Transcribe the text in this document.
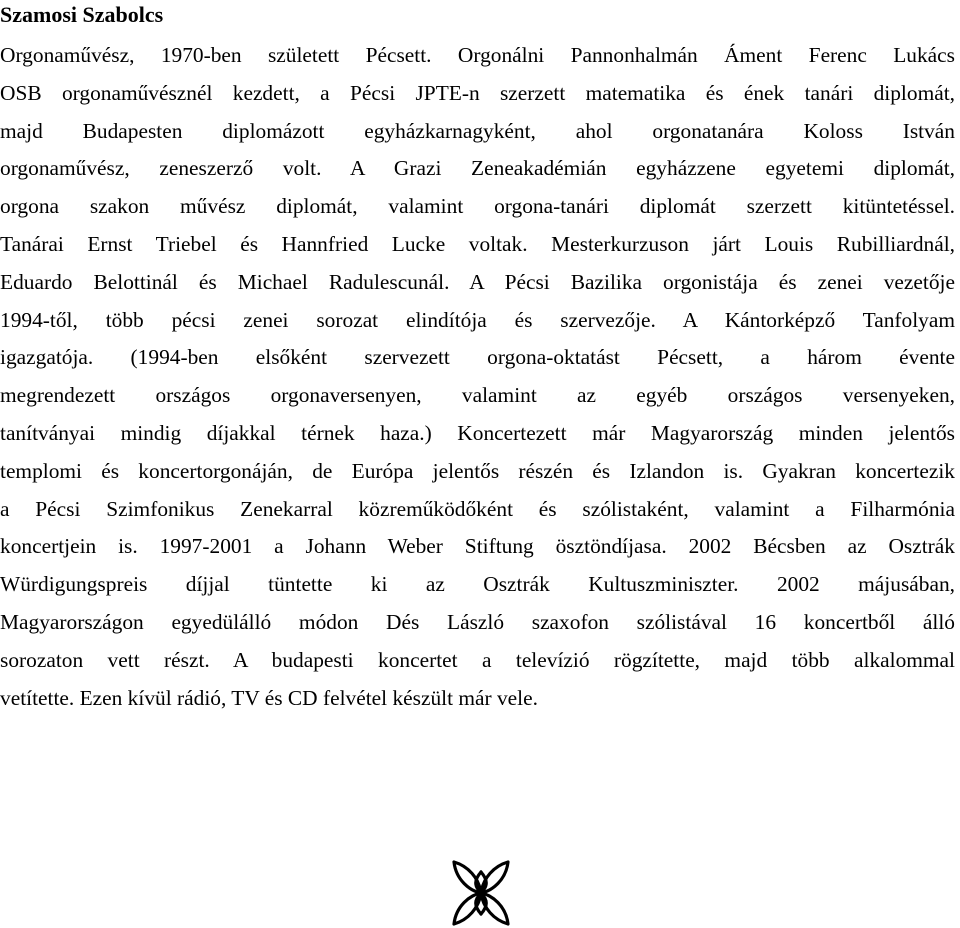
Szamosi Szabolcs
Orgonaművész, 1970-ben született Pécsett. Orgonálni Pannonhalmán Áment Ferenc Lukács
OSB orgonaművésznél kezdett, a Pécsi JPTE-n szerzett matematika és ének tanári diplomát,
majd Budapesten diplomázott egyházkarnagyként, ahol orgonatanára Koloss István
orgonaművész, zeneszerző volt. A Grazi Zeneakadémián egyházzene egyetemi diplomát,
orgona szakon művész diplomát, valamint orgona-tanári diplomát szerzett kitüntetéssel.
Tanárai Ernst Triebel és Hannfried Lucke voltak. Mesterkurzuson járt Louis Rubilliardnál,
Eduardo Belottinál és Michael Radulescunál. A Pécsi Bazilika orgonistája és zenei vezetője
1994-től, több pécsi zenei sorozat elindítója és szervezője. A Kántorképző Tanfolyam
igazgatója. (1994-ben elsőként szervezett orgona-oktatást Pécsett, a három évente
megrendezett országos orgonaversenyen, valamint az egyéb országos versenyeken,
tanítványai mindig díjakkal térnek haza.) Koncertezett már Magyarország minden jelentős
templomi és koncertorgonáján, de Európa jelentős részén és Izlandon is. Gyakran koncertezik
a Pécsi Szimfonikus Zenekarral közreműködőként és szólistaként, valamint a Filharmónia
koncertjein is. 1997-2001 a Johann Weber Stiftung ösztöndíjasa. 2002 Bécsben az Osztrák
Würdigungspreis díjjal tüntette ki az Osztrák Kultuszminiszter. 2002 májusában,
Magyarországon egyedülálló módon Dés László szaxofon szólistával 16 koncertből álló
sorozaton vett részt. A budapesti koncertet a televízió rögzítette, majd több alkalommal
vetítette. Ezen kívül rádió, TV és CD felvétel készült már vele.
